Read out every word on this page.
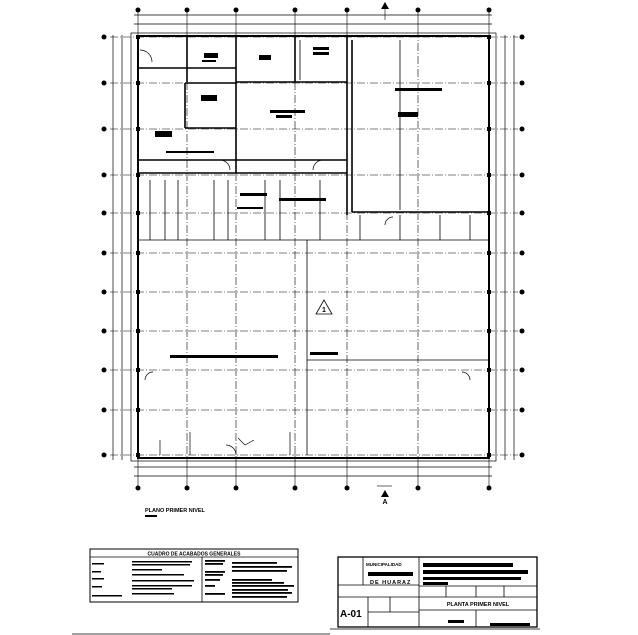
1
A
A
PLANO PRIMER NIVEL
CUADRO DE ACABADOS GENERALES
MUNICIPALIDAD
DE HUARAZ
PLANTA PRIMER NIVEL
A-01
